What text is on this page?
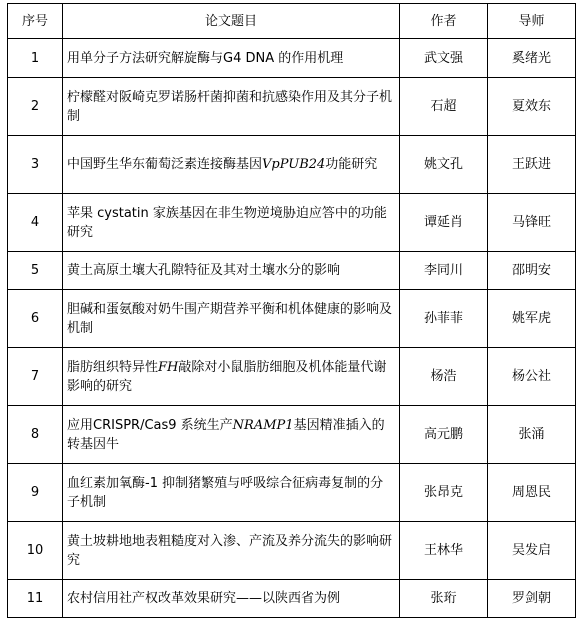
序号	论文题目	作者	导师
1	用单分子方法研究解旋酶与G4 DNA 的作用机理	武文强	奚绪光
2	柠檬醛对阪崎克罗诺肠杆菌抑菌和抗感染作用及其分子机制	石超	夏效东
3	中国野生华东葡萄泛素连接酶基因VpPUB24功能研究	姚文孔	王跃进
4	苹果 cystatin 家族基因在非生物逆境胁迫应答中的功能研究	谭延肖	马锋旺
5	黄土高原土壤大孔隙特征及其对土壤水分的影响	李同川	邵明安
6	胆碱和蛋氨酸对奶牛围产期营养平衡和机体健康的影响及机制	孙菲菲	姚军虎
7	脂肪组织特异性FH敲除对小鼠脂肪细胞及机体能量代谢影响的研究	杨浩	杨公社
8	应用CRISPR/Cas9 系统生产NRAMP1基因精准插入的转基因牛	高元鹏	张涌
9	血红素加氧酶-1 抑制猪繁殖与呼吸综合征病毒复制的分子机制	张昂克	周恩民
10	黄土坡耕地地表粗糙度对入渗、产流及养分流失的影响研究	王林华	吴发启
11	农村信用社产权改革效果研究——以陕西省为例	张珩	罗剑朝
